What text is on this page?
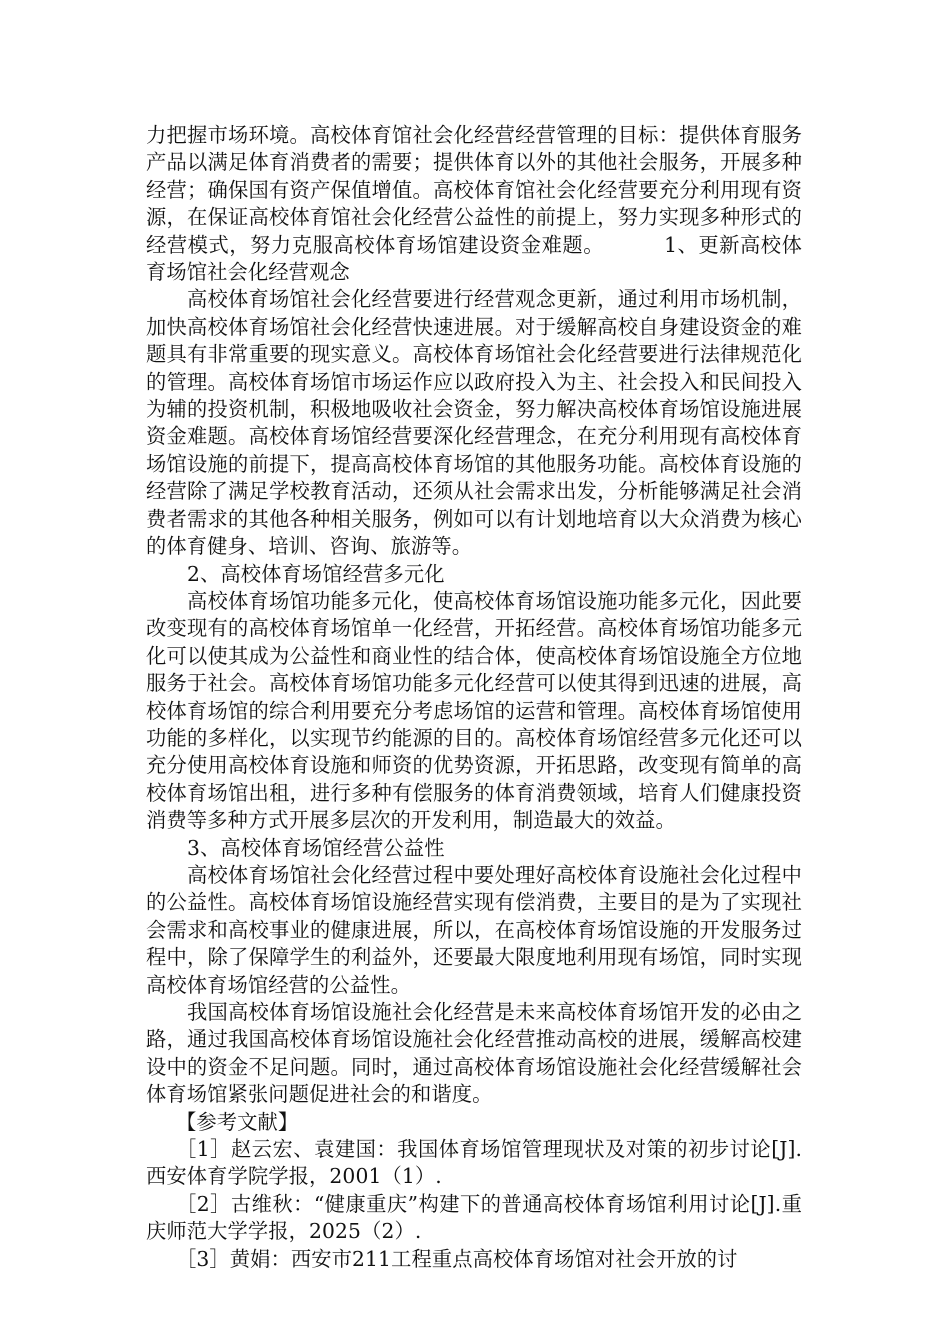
力把握市场环境。高校体育馆社会化经营经营管理的目标：提供体育服务产品以满足体育消费者的需要；提供体育以外的其他社会服务，开展多种经营；确保国有资产保值增值。高校体育馆社会化经营要充分利用现有资源，在保证高校体育馆社会化经营公益性的前提上，努力实现多种形式的经营模式，努力克服高校体育场馆建设资金难题。	1、更新高校体育场馆社会化经营观念

高校体育场馆社会化经营要进行经营观念更新，通过利用市场机制，加快高校体育场馆社会化经营快速进展。对于缓解高校自身建设资金的难题具有非常重要的现实意义。高校体育场馆社会化经营要进行法律规范化的管理。高校体育场馆市场运作应以政府投入为主、社会投入和民间投入为辅的投资机制，积极地吸收社会资金，努力解决高校体育场馆设施进展资金难题。高校体育场馆经营要深化经营理念，在充分利用现有高校体育场馆设施的前提下，提高高校体育场馆的其他服务功能。高校体育设施的经营除了满足学校教育活动，还须从社会需求出发，分析能够满足社会消费者需求的其他各种相关服务，例如可以有计划地培育以大众消费为核心的体育健身、培训、咨询、旅游等。

2、高校体育场馆经营多元化

高校体育场馆功能多元化，使高校体育场馆设施功能多元化，因此要改变现有的高校体育场馆单一化经营，开拓经营。高校体育场馆功能多元化可以使其成为公益性和商业性的结合体，使高校体育场馆设施全方位地服务于社会。高校体育场馆功能多元化经营可以使其得到迅速的进展，高校体育场馆的综合利用要充分考虑场馆的运营和管理。高校体育场馆使用功能的多样化，以实现节约能源的目的。高校体育场馆经营多元化还可以充分使用高校体育设施和师资的优势资源，开拓思路，改变现有简单的高校体育场馆出租，进行多种有偿服务的体育消费领域，培育人们健康投资消费等多种方式开展多层次的开发利用，制造最大的效益。

3、高校体育场馆经营公益性

高校体育场馆社会化经营过程中要处理好高校体育设施社会化过程中的公益性。高校体育场馆设施经营实现有偿消费，主要目的是为了实现社会需求和高校事业的健康进展，所以，在高校体育场馆设施的开发服务过程中，除了保障学生的利益外，还要最大限度地利用现有场馆，同时实现高校体育场馆经营的公益性。

我国高校体育场馆设施社会化经营是未来高校体育场馆开发的必由之路，通过我国高校体育场馆设施社会化经营推动高校的进展，缓解高校建设中的资金不足问题。同时，通过高校体育场馆设施社会化经营缓解社会体育场馆紧张问题促进社会的和谐度。

【参考文献】

［1］赵云宏、袁建国：我国体育场馆管理现状及对策的初步讨论[J].西安体育学院学报，2001（1）.

［2］古维秋：“健康重庆”构建下的普通高校体育场馆利用讨论[J].重庆师范大学学报，2025（2）.

［3］黄娟：西安市211工程重点高校体育场馆对社会开放的讨
